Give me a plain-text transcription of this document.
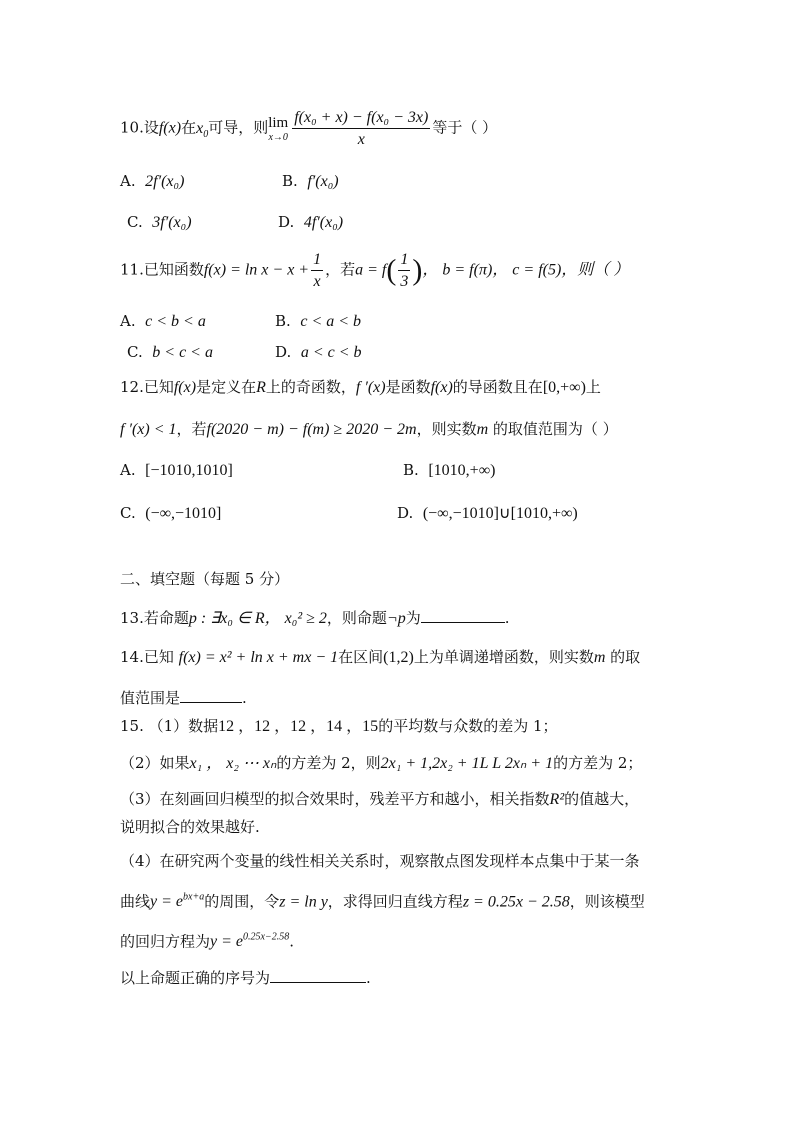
10.设f(x)在$x_0$可导，则 lim
$x\to 0 \frac{\text{f(x₀ + x) − f(x₀ − 3x)}}{x}$ 等于（ ）
A. 2f′(x₀)	B. f′(x₀)
C. 3f′(x₀)	D. 4f′(x₀)
11.已知函数$f(x) = \ln x - x + \frac{1}{x}$ ，若$a = f( \frac{1}{3}$ )， b = f(π)， c = f(5)，则（ ）
A. c < b < a	B. c < a < b
C. b < c < a	D. a < c < b
12.已知f(x)是定义在R上的奇函数，f ′(x)是函数f(x)的导函数且在[0,+∞)上
f ′(x) < 1，若f(2020 − m) − f(m) ≥ 2020 − 2m，则实数m 的取值范围为（ ）
A. [−1010,1010]	B. [1010,+∞)
C. (−∞,−1010]	D. (−∞,−1010]∪[1010,+∞)
二、填空题（每题 5 分）
13.若命题p : ∃x₀ ∈ R， x₀² ≥ 2，则命题¬p为	.
14.已知 f(x) = x² + ln x + mx − 1在区间(1,2)上为单调递增函数，则实数m 的取
值范围是	.
15. （1）数据12 ，12 ，12 ，14 ，15的平均数与众数的差为 1；
（2）如果x₁ ， x₂ ⋯ xₙ的方差为 2，则2x₁ + 1,2x₂ + 1L L 2xₙ + 1的方差为 2；
（3）在刻画回归模型的拟合效果时，残差平方和越小，相关指数R²的值越大，
说明拟合的效果越好.
（4）在研究两个变量的线性相关关系时，观察散点图发现样本点集中于某一条
曲线$y = e^{bx+a}$的周围，令z = ln y，求得回归直线方程z = 0.25x − 2.58，则该模型
的回归方程为$y = e^{0.25x-2.58}$.
以上命题正确的序号为	.
